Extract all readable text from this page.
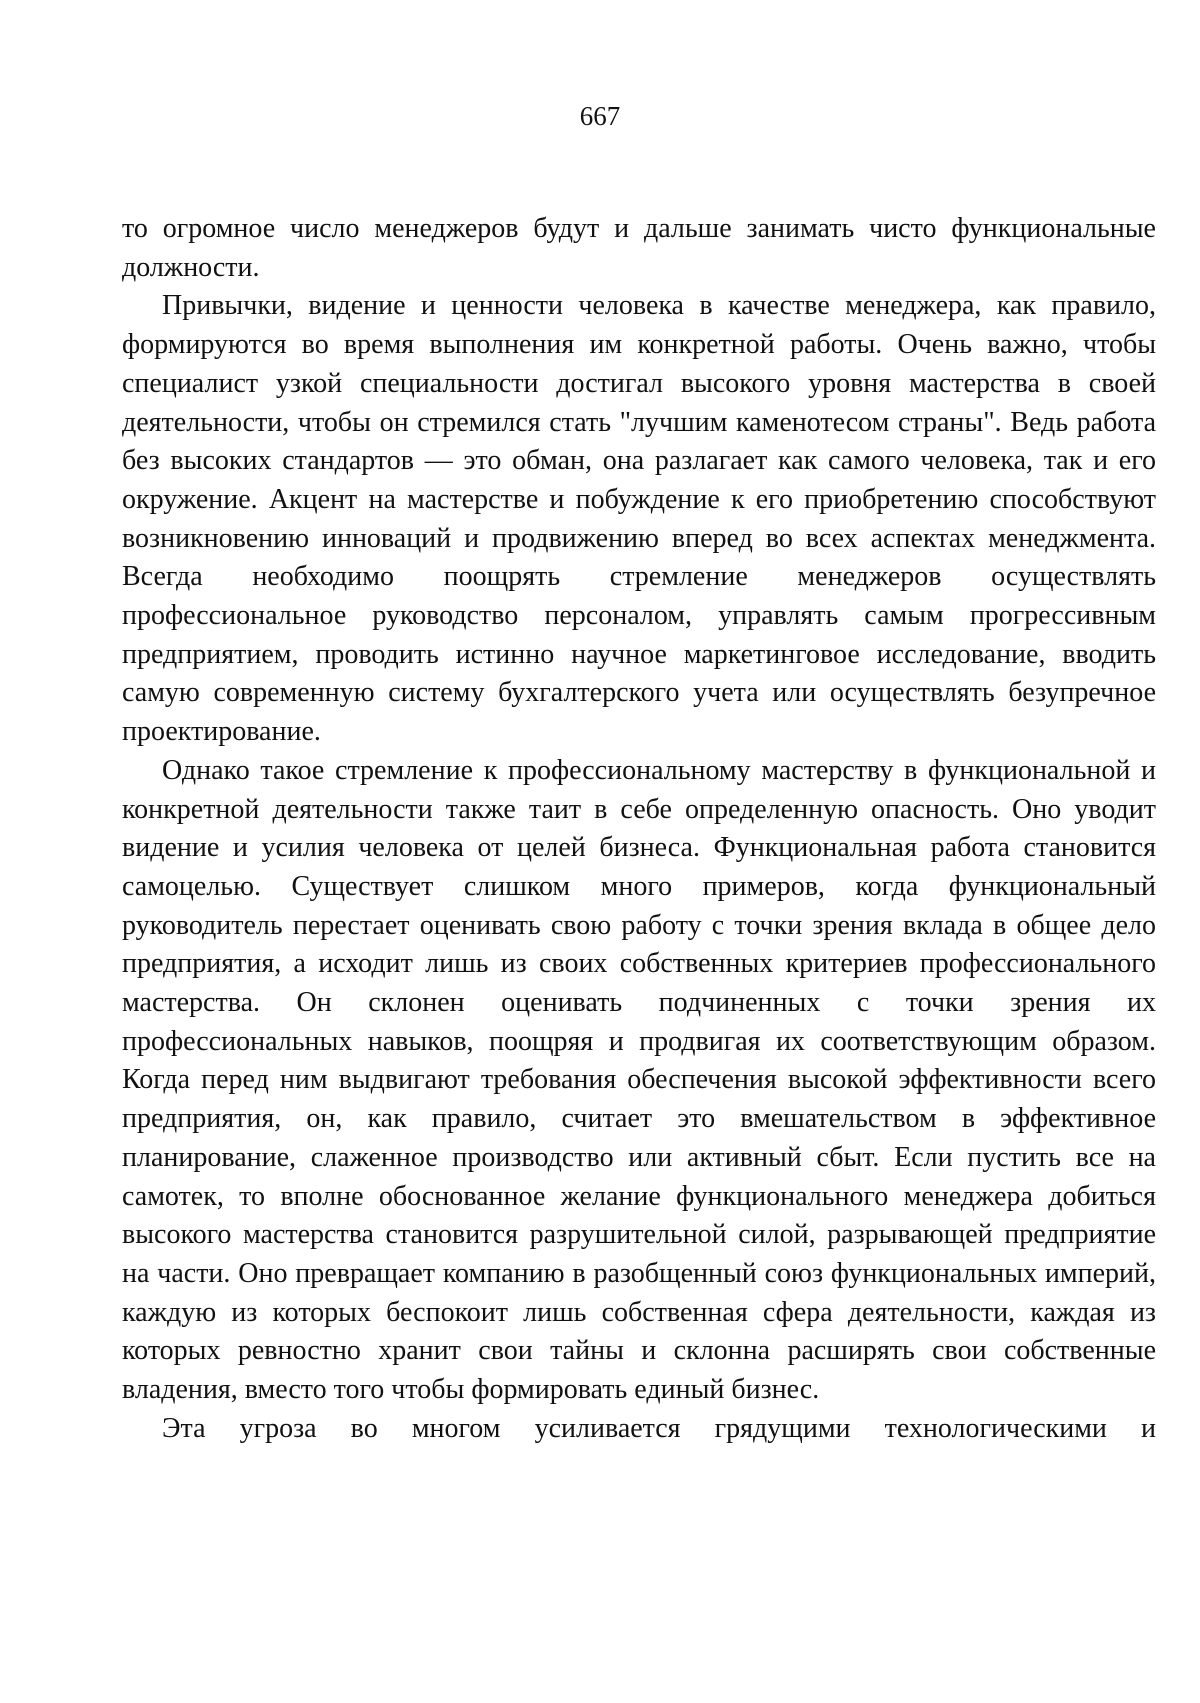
667

то огромное число менеджеров будут и дальше занимать чисто функциональные должности.

Привычки, видение и ценности человека в качестве менеджера, как правило, формируются во время выполнения им конкретной работы. Очень важно, чтобы специалист узкой специальности достигал высокого уровня мастерства в своей деятельности, чтобы он стремился стать "лучшим каменотесом страны". Ведь работа без высоких стандартов — это обман, она разлагает как самого человека, так и его окружение. Акцент на мастерстве и побуждение к его приобретению способствуют возникновению инноваций и продвижению вперед во всех аспектах менеджмента. Всегда необходимо поощрять стремление менеджеров осуществлять профессиональное руководство персоналом, управлять самым прогрессивным предприятием, проводить истинно научное маркетинговое исследование, вводить самую современную систему бухгалтерского учета или осуществлять безупречное проектирование.

Однако такое стремление к профессиональному мастерству в функциональной и конкретной деятельности также таит в себе определенную опасность. Оно уводит видение и усилия человека от целей бизнеса. Функциональная работа становится самоцелью. Существует слишком много примеров, когда функциональный руководитель перестает оценивать свою работу с точки зрения вклада в общее дело предприятия, а исходит лишь из своих собственных критериев профессионального мастерства. Он склонен оценивать подчиненных с точки зрения их профессиональных навыков, поощряя и продвигая их соответствующим образом. Когда перед ним выдвигают требования обеспечения высокой эффективности всего предприятия, он, как правило, считает это вмешательством в эффективное планирование, слаженное производство или активный сбыт. Если пустить все на самотек, то вполне обоснованное желание функционального менеджера добиться высокого мастерства становится разрушительной силой, разрывающей предприятие на части. Оно превращает компанию в разобщенный союз функциональных империй, каждую из которых беспокоит лишь собственная сфера деятельности, каждая из которых ревностно хранит свои тайны и склонна расширять свои собственные владения, вместо того чтобы формировать единый бизнес.

Эта угроза во многом усиливается грядущими технологическими и
